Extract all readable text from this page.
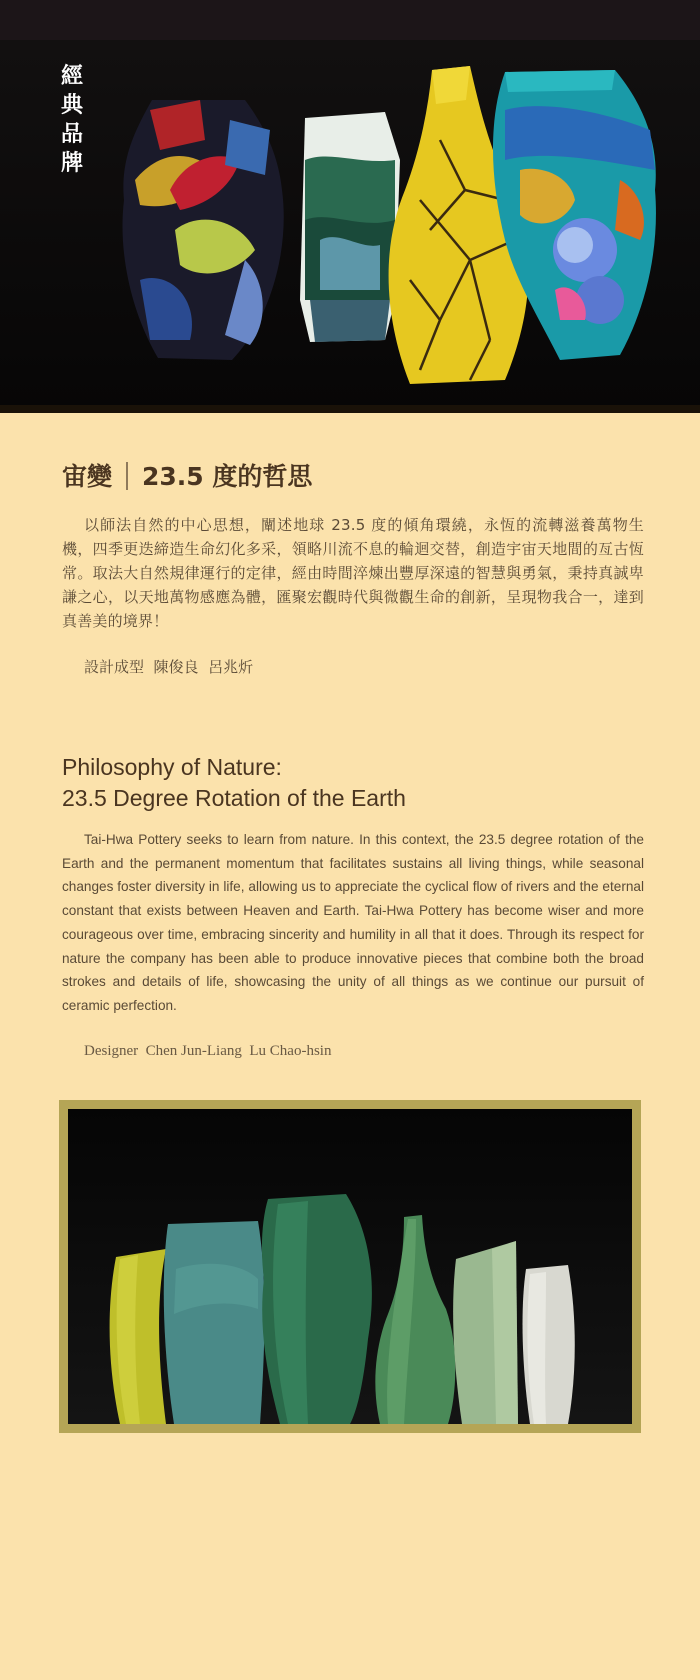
經
典
品
牌
宙變 23.5 度的哲思

以師法自然的中心思想，闡述地球 23.5 度的傾角環繞，永恆的流轉滋養萬物生機，四季更迭締造生命幻化多采，領略川流不息的輪迴交替，創造宇宙天地間的亙古恆常。取法大自然規律運行的定律，經由時間淬煉出豐厚深遠的智慧與勇氣，秉持真誠卑謙之心，以天地萬物感應為體，匯聚宏觀時代與微觀生命的創新，呈現物我合一，達到真善美的境界！

設計成型  陳俊良  呂兆炘
Philosophy of Nature:
23.5 Degree Rotation of the Earth

Tai-Hwa Pottery seeks to learn from nature. In this context, the 23.5 degree rotation of the Earth and the permanent momentum that facilitates sustains all living things, while seasonal changes foster diversity in life, allowing us to appreciate the cyclical flow of rivers and the eternal constant that exists between Heaven and Earth. Tai-Hwa Pottery has become wiser and more courageous over time, embracing sincerity and humility in all that it does. Through its respect for nature the company has been able to produce innovative pieces that combine both the broad strokes and details of life, showcasing the unity of all things as we continue our pursuit of ceramic perfection.

Designer  Chen Jun-Liang  Lu Chao-hsin
